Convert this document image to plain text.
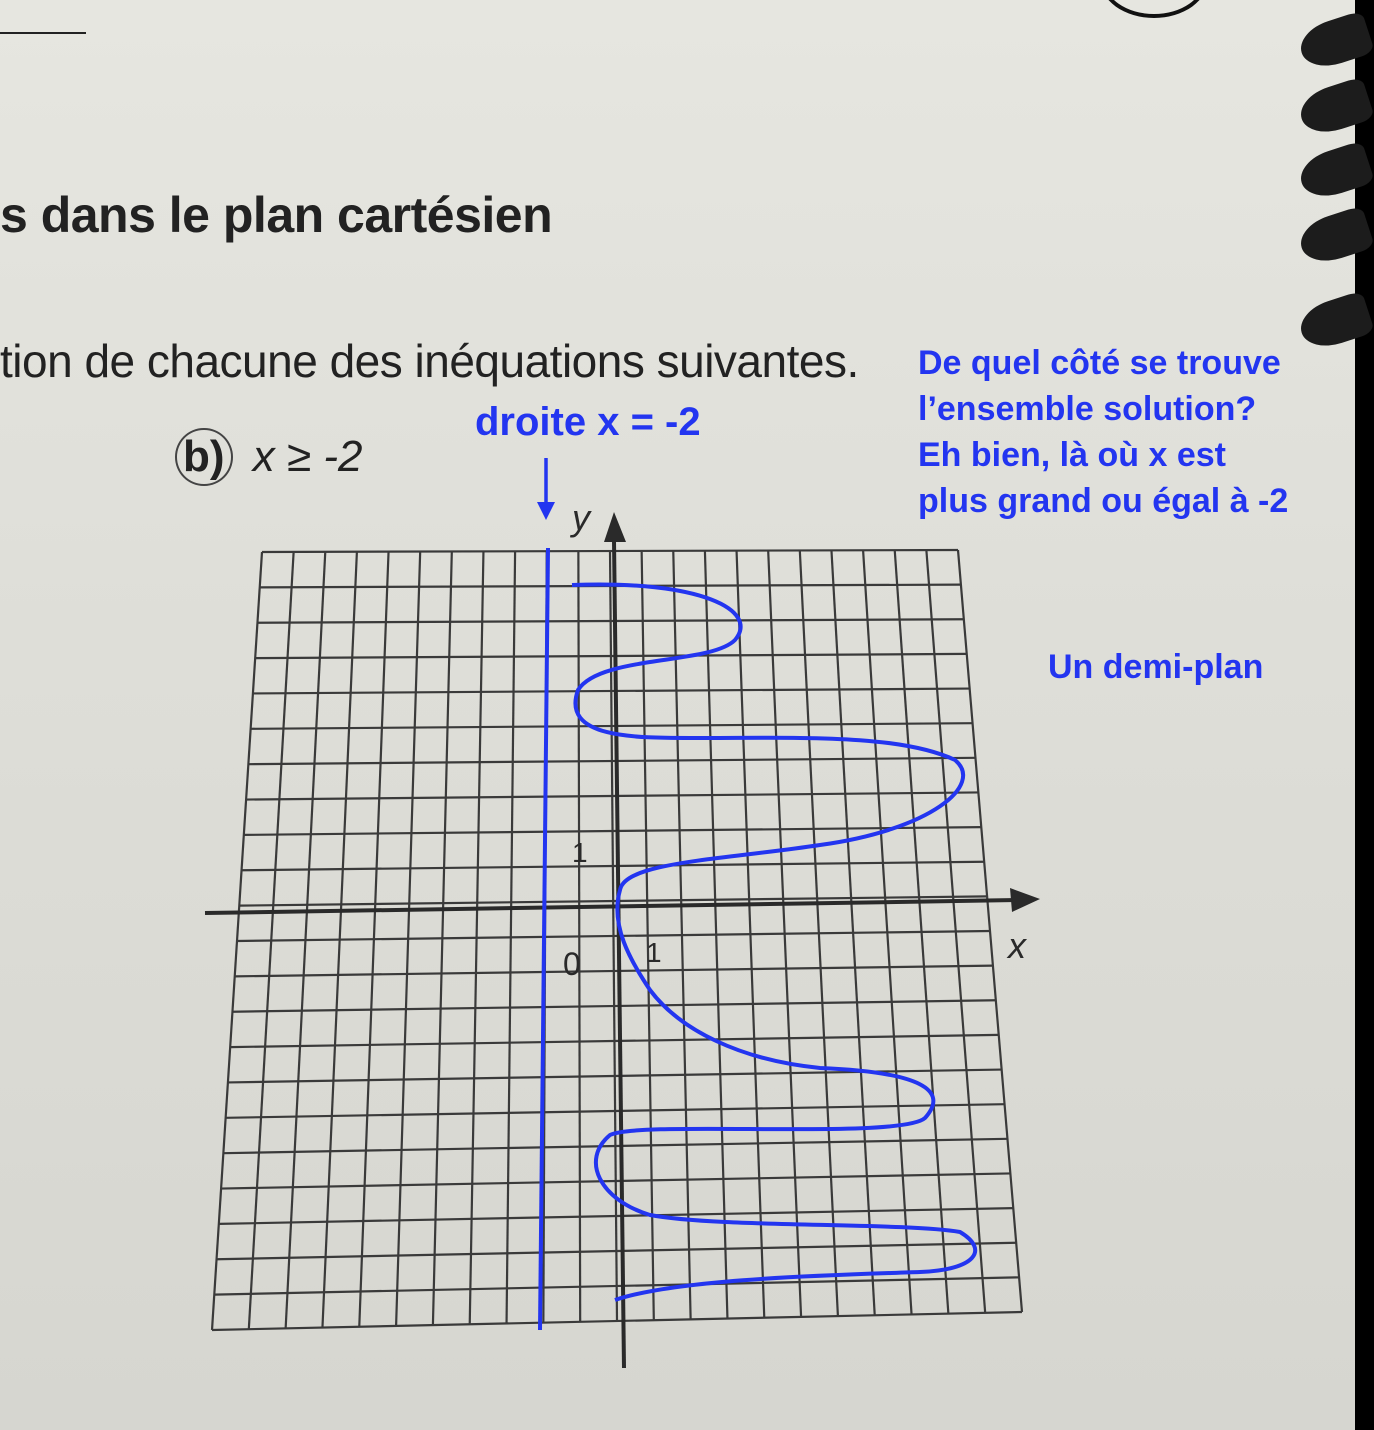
s dans le plan cartésien
tion de chacune des inéquations suivantes.
b) x ≥ -2
y
x
0 1
1
droite x = -2
De quel côté se trouve
l’ensemble solution?
Eh bien, là où x est
plus grand ou égal à -2
Un demi-plan
